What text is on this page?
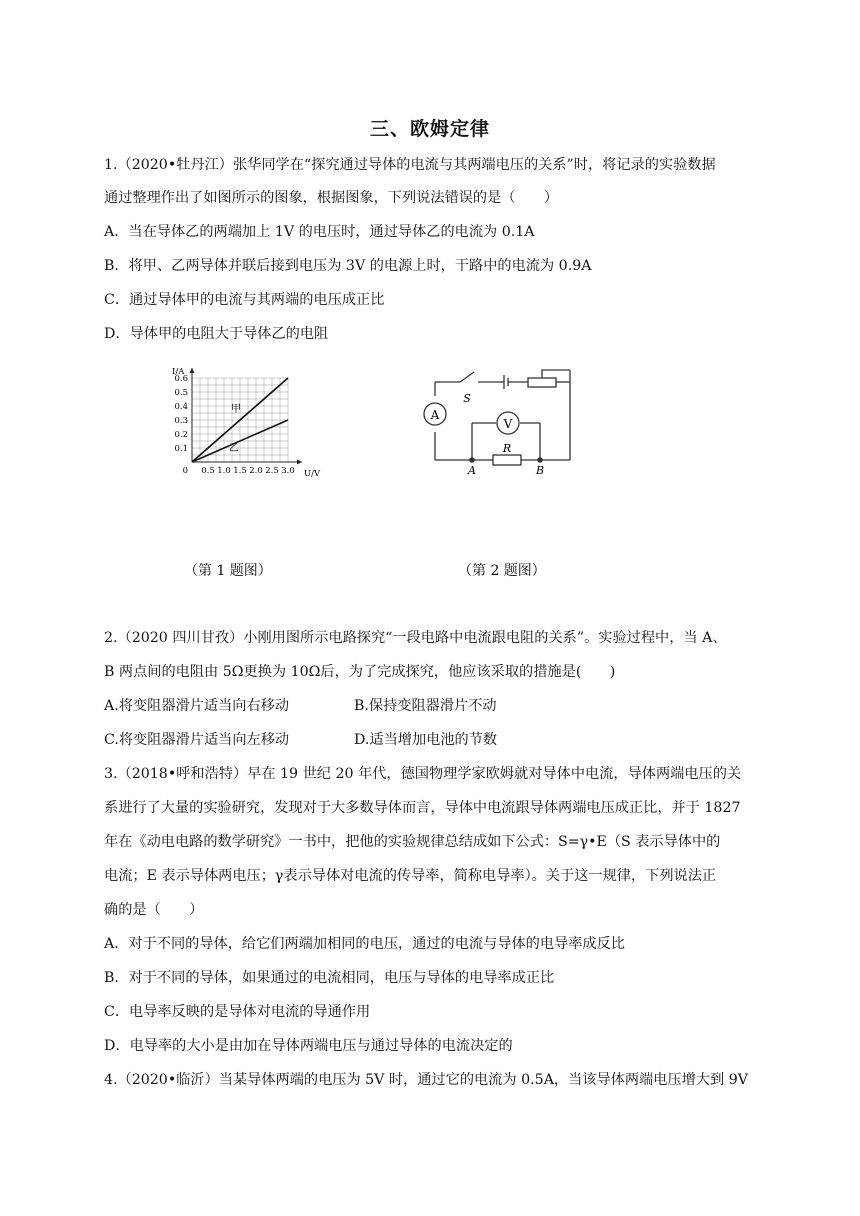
三、欧姆定律
1.（2020•牡丹江）张华同学在“探究通过导体的电流与其两端电压的关系”时，将记录的实验数据
通过整理作出了如图所示的图象，根据图象，下列说法错误的是（　　）
A．当在导体乙的两端加上 1V 的电压时，通过导体乙的电流为 0.1A
B．将甲、乙两导体并联后接到电压为 3V 的电源上时，干路中的电流为 0.9A
C．通过导体甲的电流与其两端的电压成正比
D．导体甲的电阻大于导体乙的电阻
0.5 1.0 1.5 2.0 2.5 3.0
0.1
0.2
0.3
0.4
0.5
0.6
0	U/V
I/A
甲
乙
A
V
S
R
A	B
（第 1 题图）	（第 2 题图）
2.（2020 四川甘孜）小刚用图所示电路探究“一段电路中电流跟电阻的关系”。实验过程中，当 A、
B 两点间的电阻由 5Ω更换为 10Ω后，为了完成探究，他应该采取的措施是(　　)
A.将变阻器滑片适当向右移动	B.保持变阻器滑片不动
C.将变阻器滑片适当向左移动	D.适当增加电池的节数
3.（2018•呼和浩特）早在 19 世纪 20 年代，德国物理学家欧姆就对导体中电流，导体两端电压的关
系进行了大量的实验研究，发现对于大多数导体而言，导体中电流跟导体两端电压成正比，并于 1827
年在《动电电路的数学研究》一书中，把他的实验规律总结成如下公式：S=γ•E（S 表示导体中的
电流；E 表示导体两电压；γ表示导体对电流的传导率，简称电导率）。关于这一规律，下列说法正
确的是（　　）
A．对于不同的导体，给它们两端加相同的电压，通过的电流与导体的电导率成反比
B．对于不同的导体，如果通过的电流相同，电压与导体的电导率成正比
C．电导率反映的是导体对电流的导通作用
D．电导率的大小是由加在导体两端电压与通过导体的电流决定的
4.（2020•临沂）当某导体两端的电压为 5V 时，通过它的电流为 0.5A，当该导体两端电压增大到 9V
